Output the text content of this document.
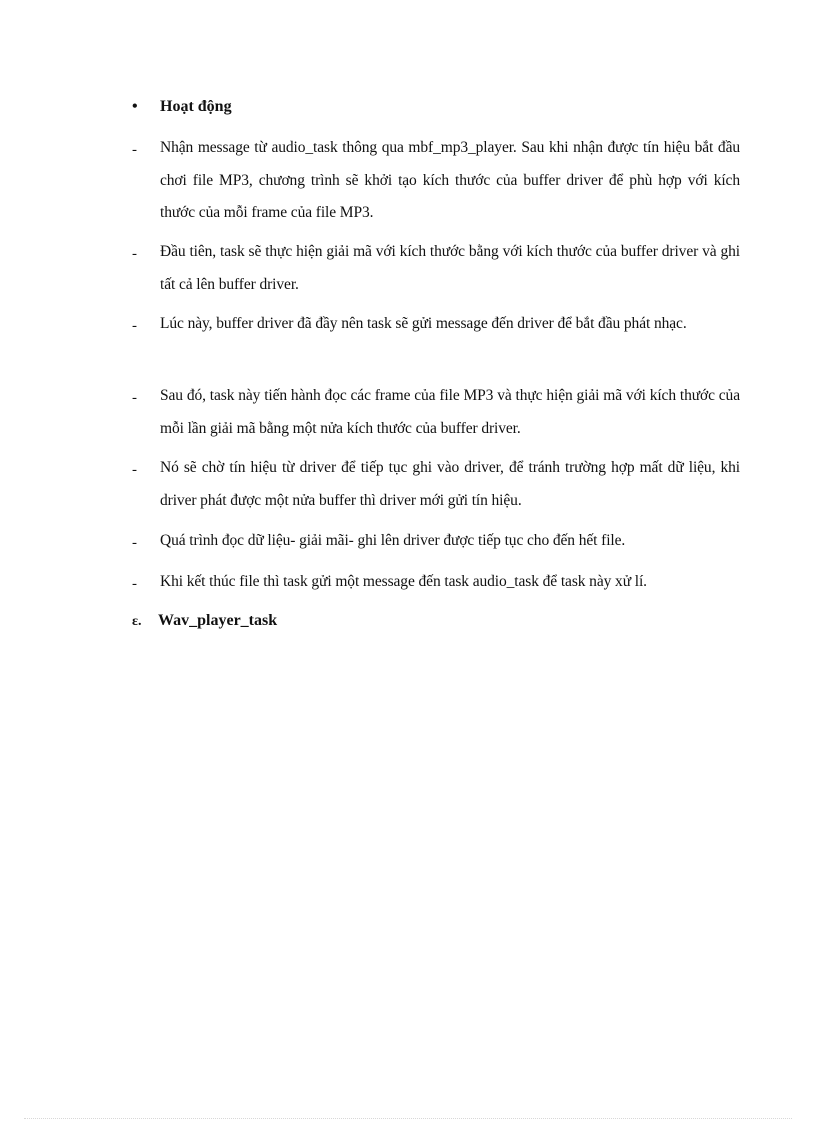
•	Hoạt động
-	Nhận message từ audio_task thông qua mbf_mp3_player. Sau khi nhận được tín hiệu bắt đầu chơi file MP3, chương trình sẽ khởi tạo kích thước của buffer driver để phù hợp với kích thước của mỗi frame của file MP3.
-	Đầu tiên, task sẽ thực hiện giải mã với kích thước bằng với kích thước của buffer driver và ghi tất cả lên buffer driver.
-	Lúc này, buffer driver đã đầy nên task sẽ gửi message đến driver để bắt đầu phát nhạc.
-	Sau đó, task này tiến hành đọc các frame của file MP3 và thực hiện giải mã với kích thước của mỗi lần giải mã bằng một nửa kích thước của buffer driver.
-	Nó sẽ chờ tín hiệu từ driver để tiếp tục ghi vào driver, để tránh trường hợp mất dữ liệu, khi driver phát được một nửa buffer thì driver mới gửi tín hiệu.
-	Quá trình đọc dữ liệu- giải mãi- ghi lên driver được tiếp tục cho đến hết file.
-	Khi kết thúc file thì task gửi một message đến task audio_task để task này xử lí.
ε.	Wav_player_task
